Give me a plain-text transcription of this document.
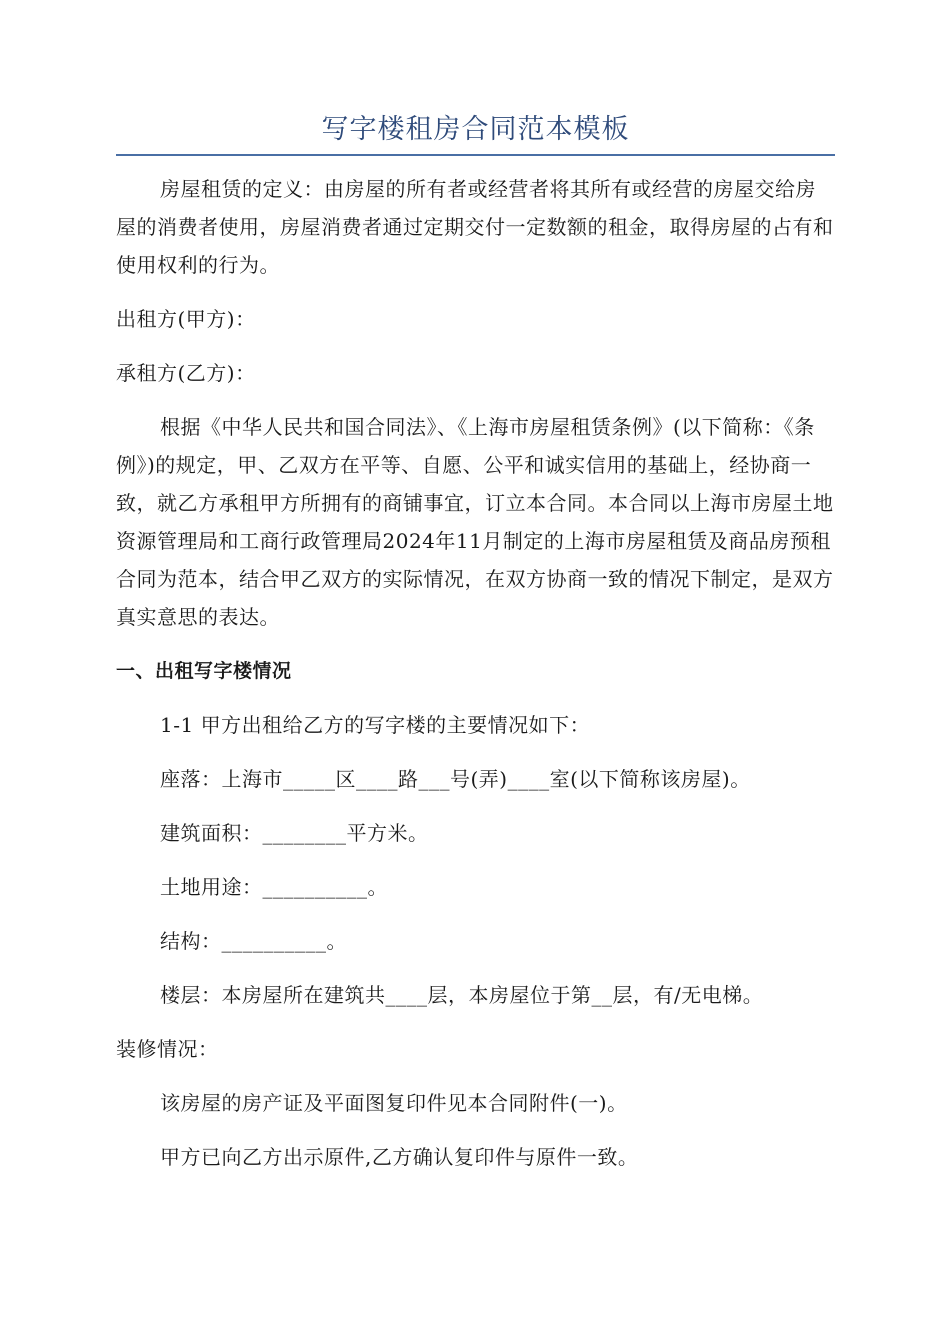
写字楼租房合同范本模板

房屋租赁的定义：由房屋的所有者或经营者将其所有或经营的房屋交给房屋的消费者使用，房屋消费者通过定期交付一定数额的租金，取得房屋的占有和使用权利的行为。

出租方(甲方)：

承租方(乙方)：

根据《中华人民共和国合同法》、《上海市房屋租赁条例》(以下简称：《条例》)的规定，甲、乙双方在平等、自愿、公平和诚实信用的基础上，经协商一致，就乙方承租甲方所拥有的商铺事宜，订立本合同。本合同以上海市房屋土地资源管理局和工商行政管理局2024年11月制定的上海市房屋租赁及商品房预租合同为范本，结合甲乙双方的实际情况，在双方协商一致的情况下制定，是双方真实意思的表达。

一、出租写字楼情况

1-1 甲方出租给乙方的写字楼的主要情况如下：

座落：上海市_____区____路___号(弄)____室(以下简称该房屋)。

建筑面积：________平方米。

土地用途：__________。

结构：__________。

楼层：本房屋所在建筑共____层，本房屋位于第__层，有/无电梯。

装修情况：

该房屋的房产证及平面图复印件见本合同附件(一)。

甲方已向乙方出示原件,乙方确认复印件与原件一致。
